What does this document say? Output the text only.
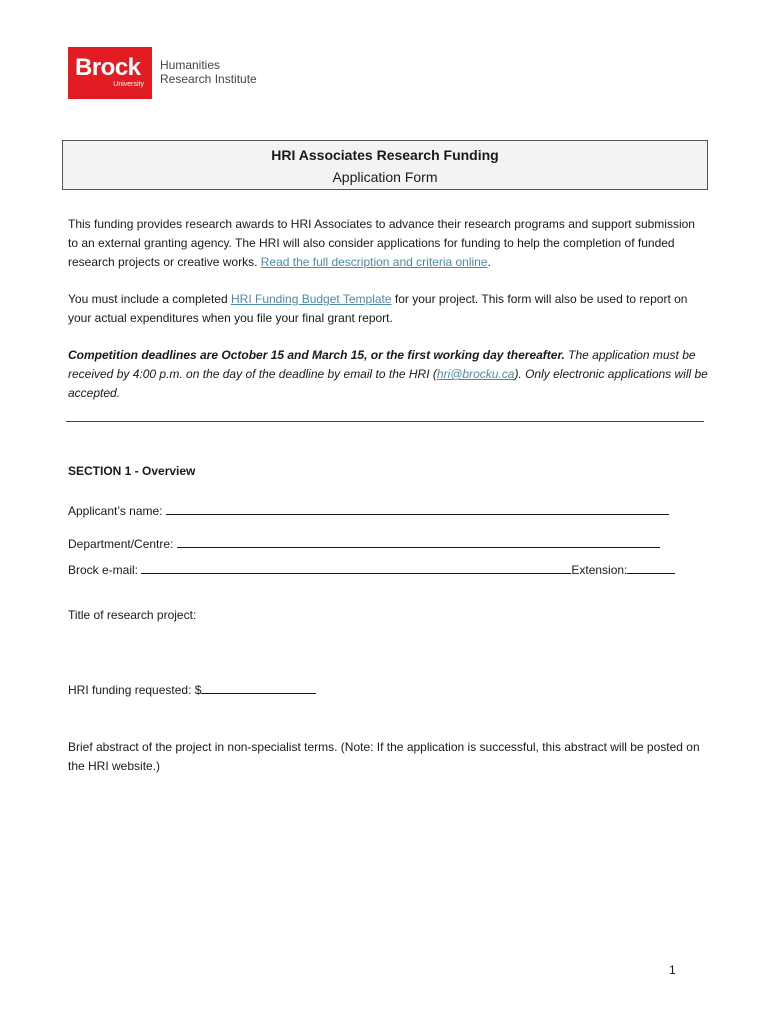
Brock
University
Humanities
Research Institute
HRI Associates Research Funding
Application Form
This funding provides research awards to HRI Associates to advance their research programs and support submission to an external granting agency. The HRI will also consider applications for funding to help the completion of funded research projects or creative works. Read the full description and criteria online.
You must include a completed HRI Funding Budget Template for your project. This form will also be used to report on your actual expenditures when you file your final grant report.
Competition deadlines are October 15 and March 15, or the first working day thereafter. The application must be received by 4:00 p.m. on the day of the deadline by email to the HRI (hri@brocku.ca). Only electronic applications will be accepted.
SECTION 1 - Overview
Applicant’s name:
Department/Centre:
Brock e-mail:	Extension:
Title of research project:
HRI funding requested: $
Brief abstract of the project in non-specialist terms. (Note: If the application is successful, this abstract will be posted on the HRI website.)
1
